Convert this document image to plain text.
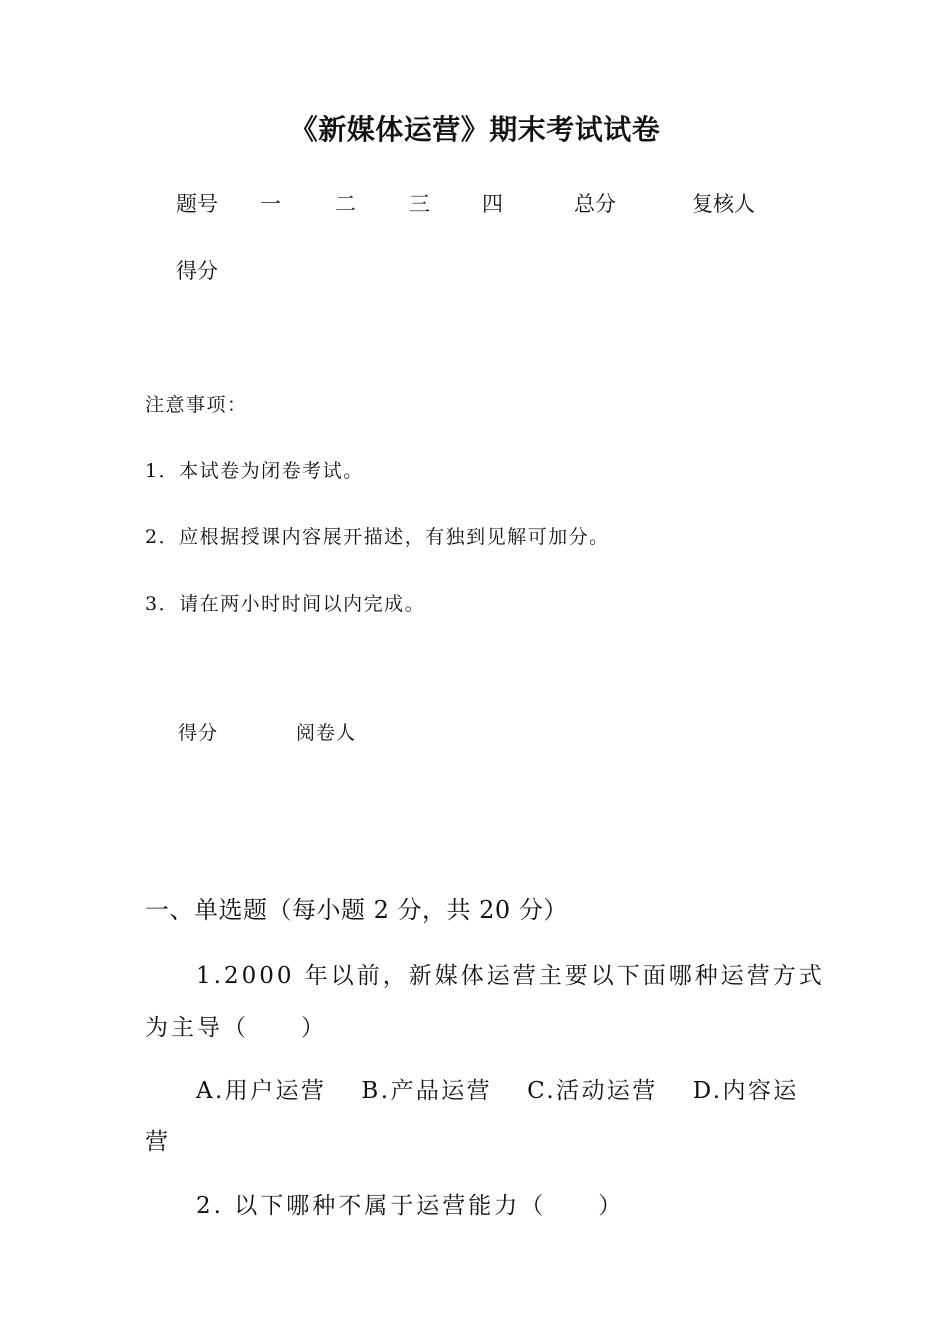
《新媒体运营》期末考试试卷
题号 一	二	三 四	总分	复核人
得分
注意事项：
1．本试卷为闭卷考试。
2．应根据授课内容展开描述，有独到见解可加分。
3．请在两小时时间以内完成。
得分	阅卷人
一、单选题（每小题 2 分，共 20 分）
1.2000 年以前，新媒体运营主要以下面哪种运营方式
为主导（　　）
A.用户运营　 B.产品运营　 C.活动运营　 D.内容运
营
2. 以下哪种不属于运营能力（　　）
